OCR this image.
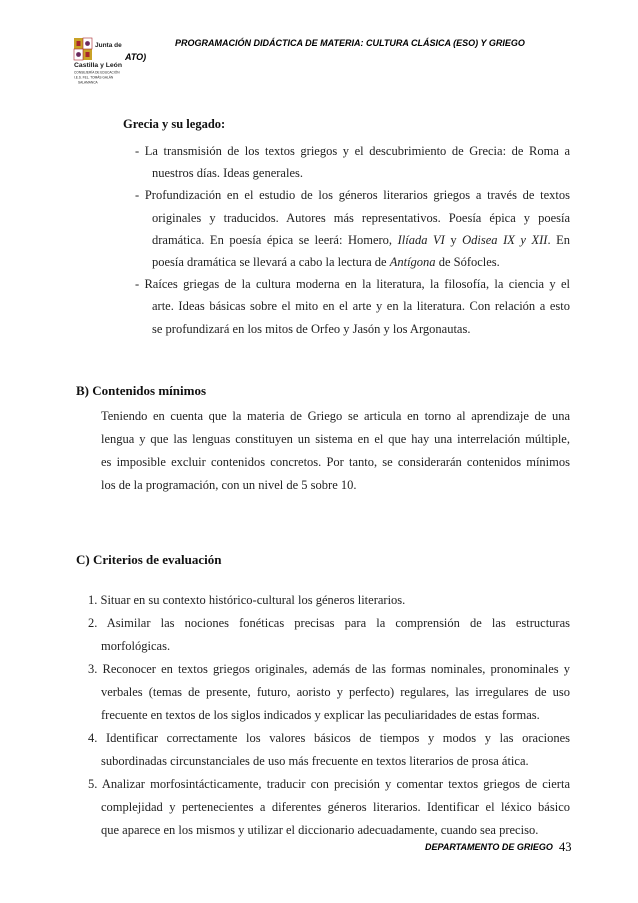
Junta de
Castilla y León
CONSEJERÍA DE EDUCACIÓN
I.E.S. FEL. TOMÁS GALÁN
SALAMANCA
PROGRAMACIÓN DIDÁCTICA DE MATERIA: CULTURA CLÁSICA (ESO) Y GRIEGO
ATO)
Grecia y su legado:
- La transmisión de los textos griegos y el descubrimiento de Grecia: de Roma a
nuestros días. Ideas generales.
- Profundización en el estudio de los géneros literarios griegos a través de textos
originales y traducidos. Autores más representativos. Poesía épica y poesía
dramática. En poesía épica se leerá: Homero, Ilíada VI y Odisea IX y XII. En
poesía dramática se llevará a cabo la lectura de Antígona de Sófocles.
- Raíces griegas de la cultura moderna en la literatura, la filosofía, la ciencia y el
arte. Ideas básicas sobre el mito en el arte y en la literatura. Con relación a esto
se profundizará en los mitos de Orfeo y Jasón y los Argonautas.
B) Contenidos mínimos
Teniendo en cuenta que la materia de Griego se articula en torno al aprendizaje de una
lengua y que las lenguas constituyen un sistema en el que hay una interrelación múltiple,
es imposible excluir contenidos concretos. Por tanto, se considerarán contenidos mínimos
los de la programación, con un nivel de 5 sobre 10.
C) Criterios de evaluación
1. Situar en su contexto histórico-cultural los géneros literarios.
2. Asimilar las nociones fonéticas precisas para la comprensión de las estructuras
morfológicas.
3. Reconocer en textos griegos originales, además de las formas nominales, pronominales y
verbales (temas de presente, futuro, aoristo y perfecto) regulares, las irregulares de uso
frecuente en textos de los siglos indicados y explicar las peculiaridades de estas formas.
4. Identificar correctamente los valores básicos de tiempos y modos y las oraciones
subordinadas circunstanciales de uso más frecuente en textos literarios de prosa ática.
5. Analizar morfosintácticamente, traducir con precisión y comentar textos griegos de cierta
complejidad y pertenecientes a diferentes géneros literarios. Identificar el léxico básico
que aparece en los mismos y utilizar el diccionario adecuadamente, cuando sea preciso.
DEPARTAMENTO DE GRIEGO 43
